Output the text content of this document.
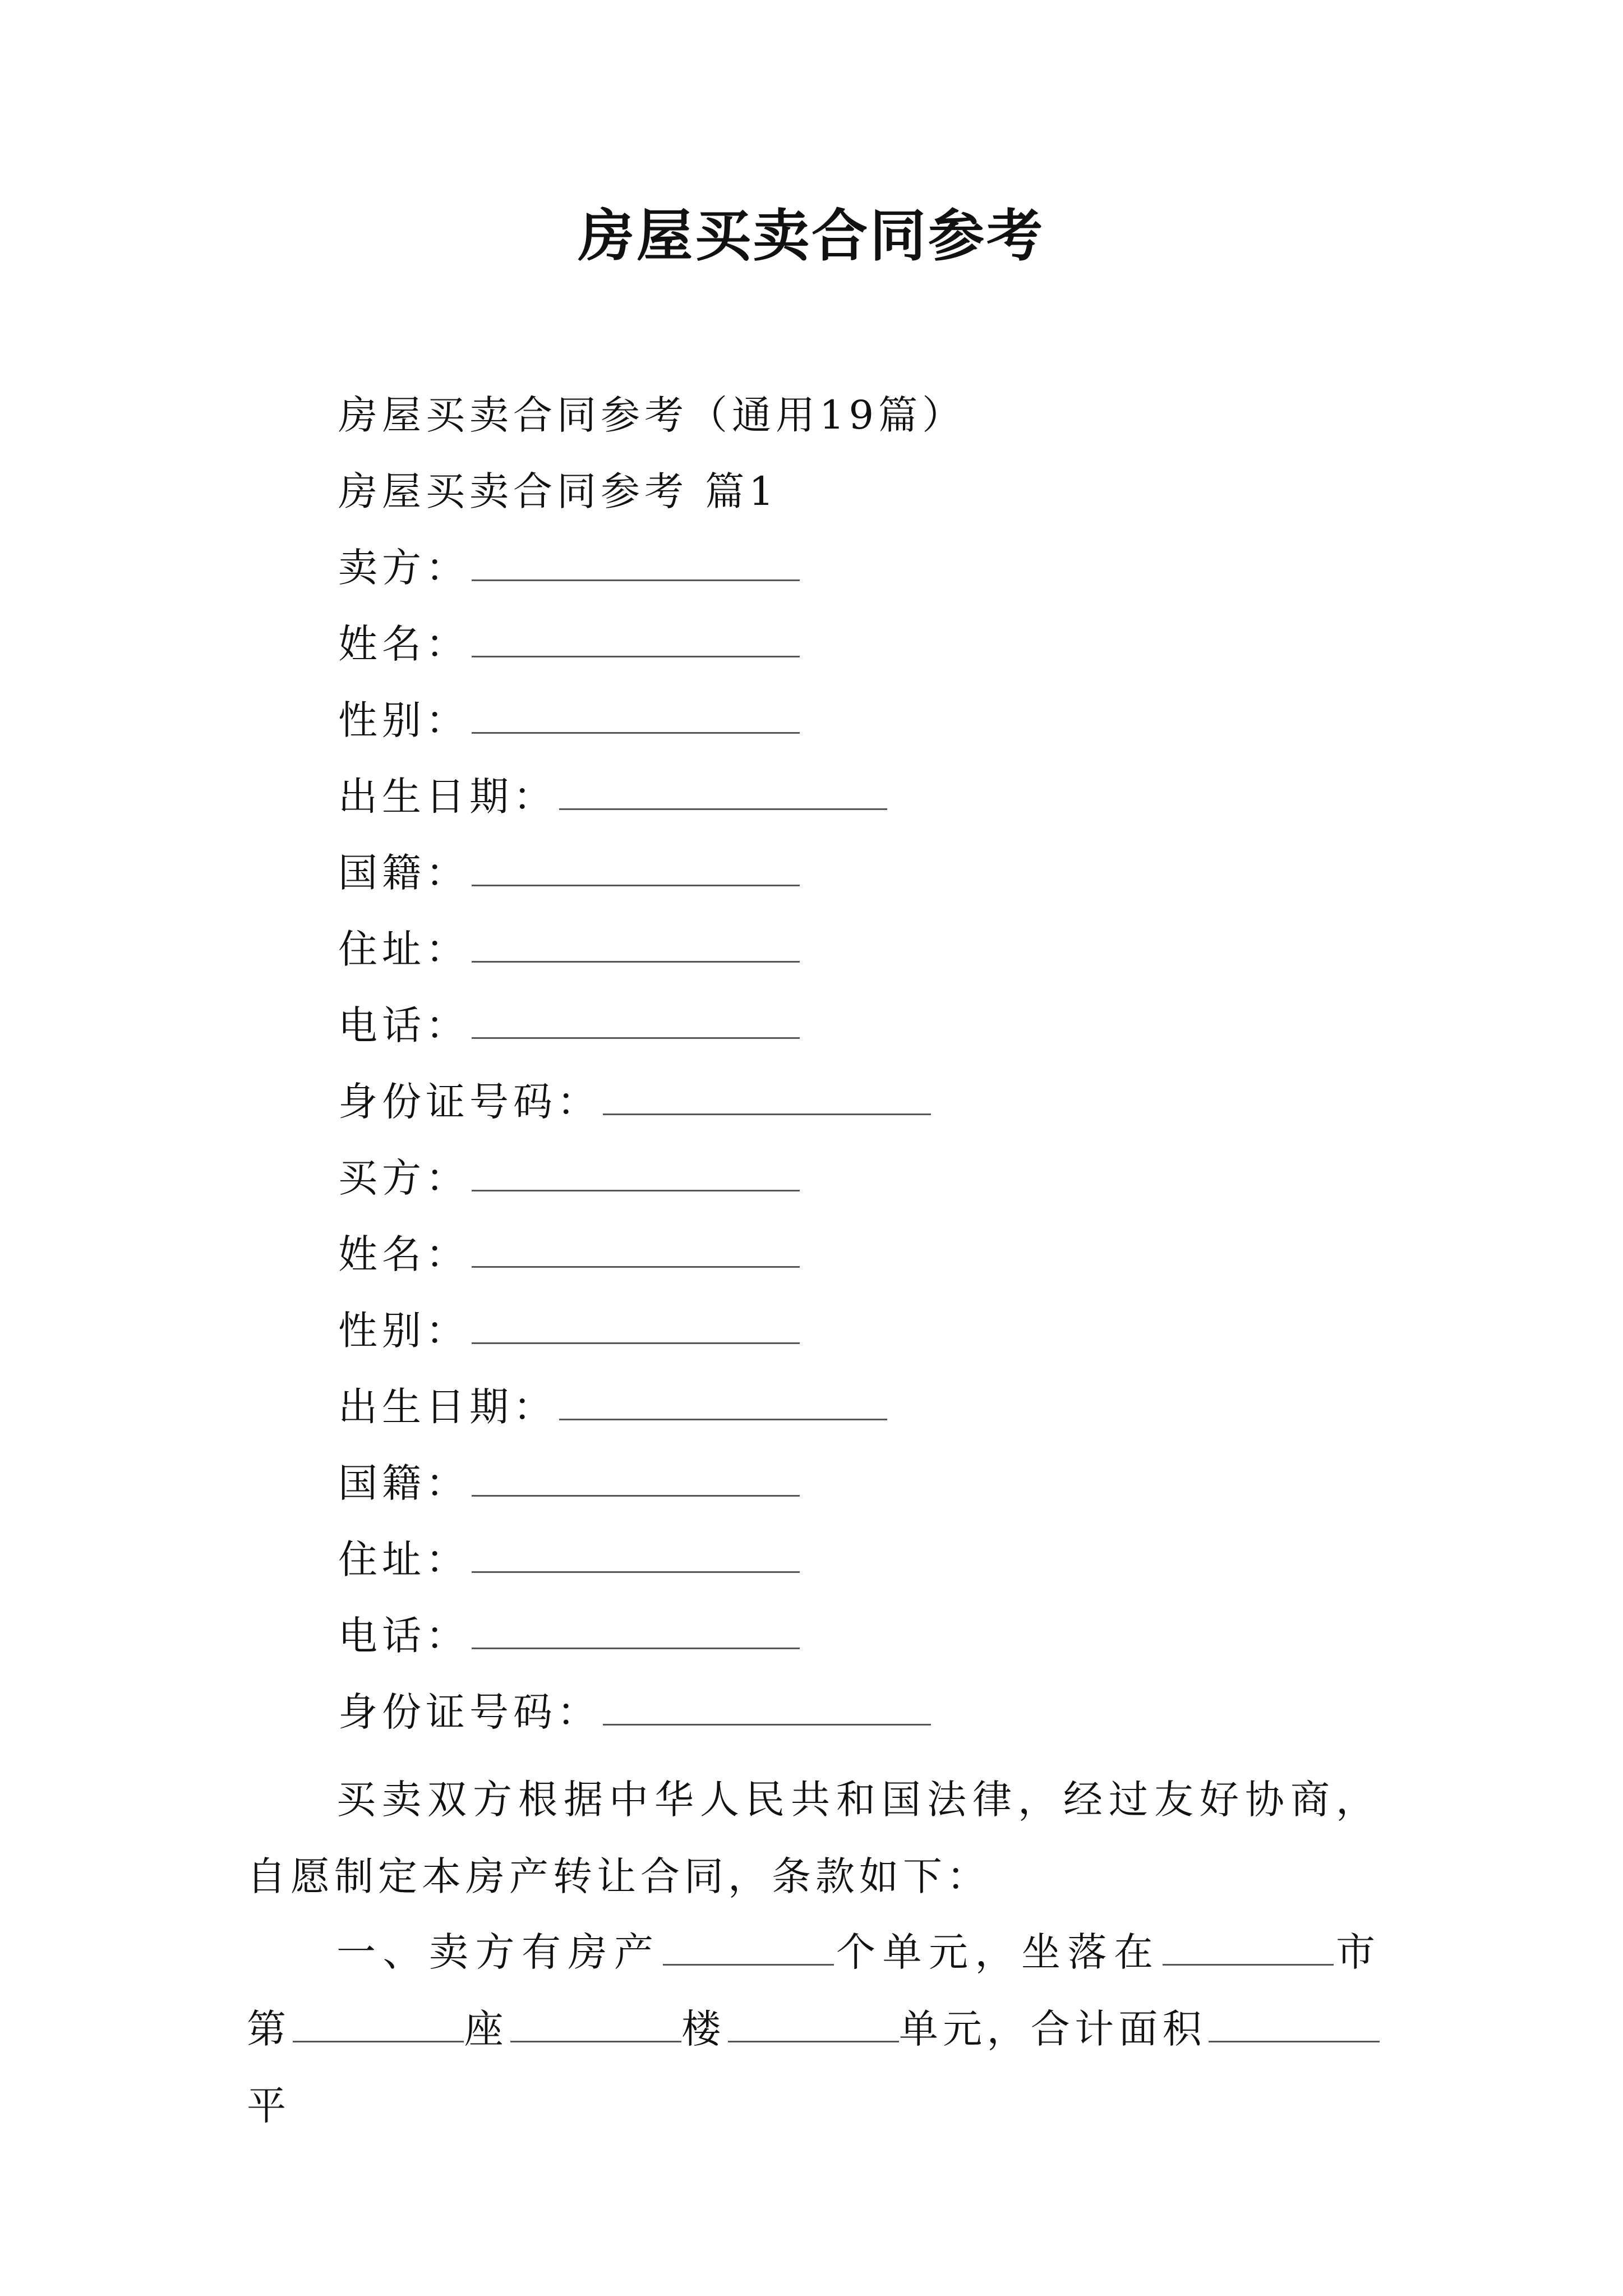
房屋买卖合同参考

房屋买卖合同参考（通用19篇）

房屋买卖合同参考 篇1

卖方：

姓名：

性别：

出生日期：

国籍：

住址：

电话：

身份证号码：

买方：

姓名：

性别：

出生日期：

国籍：

住址：

电话：

身份证号码：

买卖双方根据中华人民共和国法律，经过友好协商，自愿制定本房产转让合同，条款如下：

一、卖方有房产	个单元，坐落在	市第	座	楼	单元，合计面积平
